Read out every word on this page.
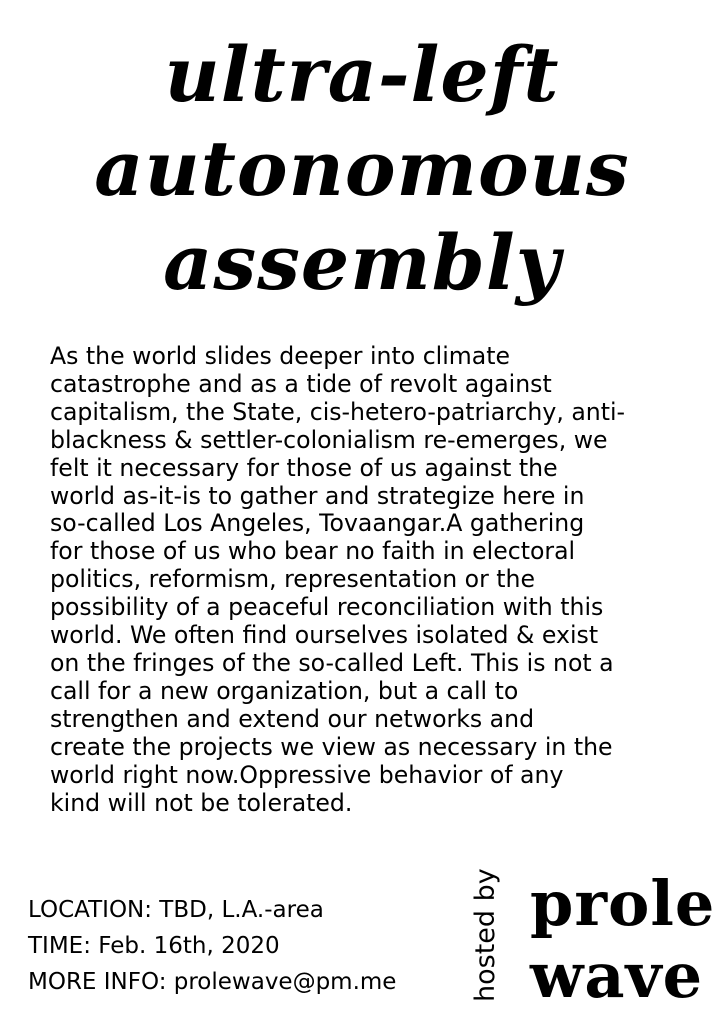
ultra-left
autonomous
assembly
As the world slides deeper into climate
catastrophe and as a tide of revolt against
capitalism, the State, cis-hetero-patriarchy, anti-
blackness & settler-colonialism re-emerges, we
felt it necessary for those of us against the
world as-it-is to gather and strategize here in
so-called Los Angeles, Tovaangar.A gathering
for those of us who bear no faith in electoral
politics, reformism, representation or the
possibility of a peaceful reconciliation with this
world. We often find ourselves isolated & exist
on the fringes of the so-called Left. This is not a
call for a new organization, but a call to
strengthen and extend our networks and
create the projects we view as necessary in the
world right now.Oppressive behavior of any
kind will not be tolerated.
LOCATION: TBD, L.A.-area
TIME: Feb. 16th, 2020
MORE INFO: prolewave@pm.me	hosted by prole
wave
